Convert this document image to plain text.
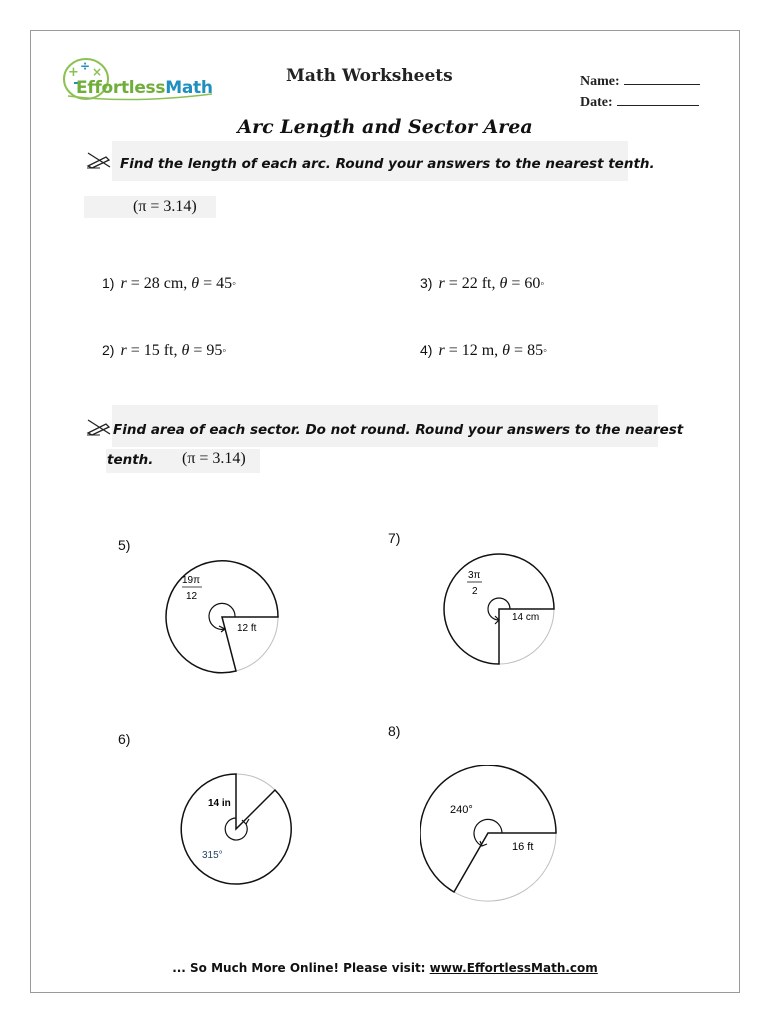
+ ÷ ×
EffortlessMath
Math Worksheets	Name:
Date:
Arc Length and Sector Area
Find the length of each arc. Round your answers to the nearest tenth.
(π = 3.14)
1) r = 28 cm, θ = 45◦	3) r = 22 ft, θ = 60◦
2) r = 15 ft, θ = 95◦	4) r = 12 m, θ = 85◦
Find area of each sector. Do not round. Round your answers to the nearest
tenth. (π = 3.14)
5)
19π
12
12 ft
7)
3π
2
14 cm
6)
14 in
315°
8)
240°
16 ft
... So Much More Online! Please visit: www.EffortlessMath.com
